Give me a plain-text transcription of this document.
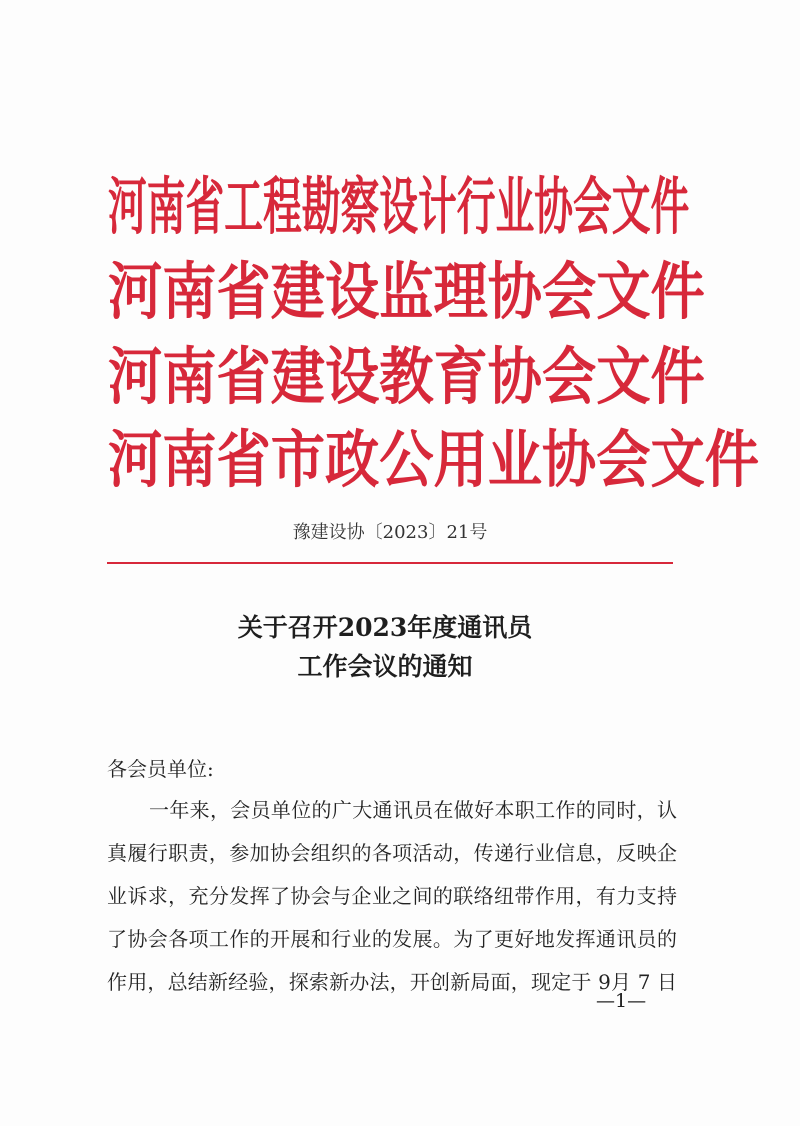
河南省工程勘察设计行业协会文件
河南省建设监理协会文件
河南省建设教育协会文件
河南省市政公用业协会文件
豫建设协〔2023〕21号
关于召开2023年度通讯员
工作会议的通知
各会员单位:
一年来，会员单位的广大通讯员在做好本职工作的同时，认
真履行职责，参加协会组织的各项活动，传递行业信息，反映企
业诉求，充分发挥了协会与企业之间的联络纽带作用，有力支持
了协会各项工作的开展和行业的发展。为了更好地发挥通讯员的
作用，总结新经验，探索新办法，开创新局面，现定于 9月 7 日
—1—
